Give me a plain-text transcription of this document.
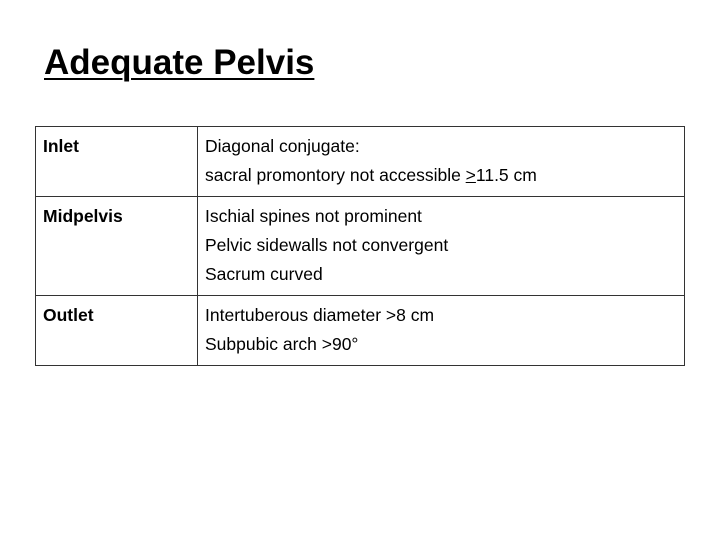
Adequate Pelvis
Inlet	Diagonal conjugate:
sacral promontory not accessible ≥11.5 cm

Midpelvis	Ischial spines not prominent
Pelvic sidewalls not convergent
Sacrum curved

Outlet	Intertuberous diameter >8 cm
Subpubic arch >90°
